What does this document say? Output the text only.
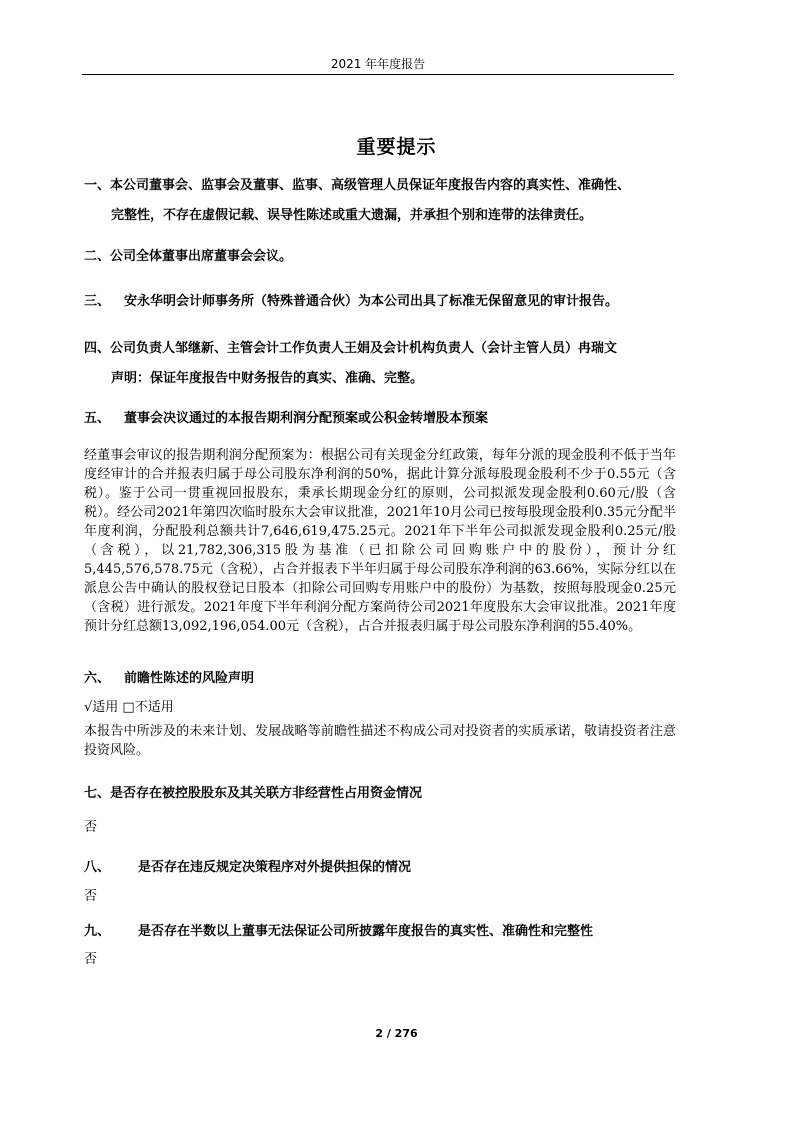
2021 年年度报告
重要提示
一、本公司董事会、监事会及董事、监事、高级管理人员保证年度报告内容的真实性、准确性、
完整性，不存在虚假记载、误导性陈述或重大遗漏，并承担个别和连带的法律责任。
二、公司全体董事出席董事会会议。
三、 安永华明会计师事务所（特殊普通合伙）为本公司出具了标准无保留意见的审计报告。
四、公司负责人邹继新、主管会计工作负责人王娟及会计机构负责人（会计主管人员）冉瑞文
声明：保证年度报告中财务报告的真实、准确、完整。
五、 董事会决议通过的本报告期利润分配预案或公积金转增股本预案
经董事会审议的报告期利润分配预案为：根据公司有关现金分红政策，每年分派的现金股利不低于当年度经审计的合并报表归属于母公司股东净利润的50%，据此计算分派每股现金股利不少于0.55元（含税）。鉴于公司一贯重视回报股东，秉承长期现金分红的原则，公司拟派发现金股利0.60元/股（含税）。经公司2021年第四次临时股东大会审议批准，2021年10月公司已按每股现金股利0.35元分配半年度利润，分配股利总额共计7,646,619,475.25元。2021年下半年公司拟派发现金股利0.25元/股（含税），以21,782,306,315股为基准（已扣除公司回购账户中的股份），预计分红5,445,576,578.75元（含税），占合并报表下半年归属于母公司股东净利润的63.66%，实际分红以在派息公告中确认的股权登记日股本（扣除公司回购专用账户中的股份）为基数，按照每股现金0.25元（含税）进行派发。2021年度下半年利润分配方案尚待公司2021年度股东大会审议批准。2021年度预计分红总额13,092,196,054.00元（含税），占合并报表归属于母公司股东净利润的55.40%。
六、 前瞻性陈述的风险声明
√适用 □不适用
本报告中所涉及的未来计划、发展战略等前瞻性描述不构成公司对投资者的实质承诺，敬请投资者注意投资风险。
七、是否存在被控股股东及其关联方非经营性占用资金情况
否
八、 是否存在违反规定决策程序对外提供担保的情况
否
九、 是否存在半数以上董事无法保证公司所披露年度报告的真实性、准确性和完整性
否
2 / 276
